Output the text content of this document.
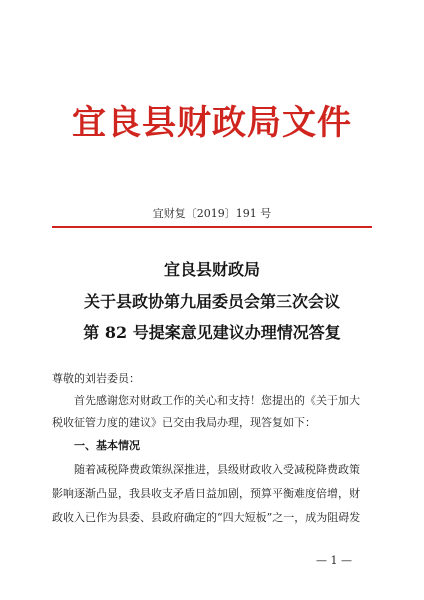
宜良县财政局文件
宜财复〔2019〕191 号
宜良县财政局
关于县政协第九届委员会第三次会议
第 82 号提案意见建议办理情况答复
尊敬的刘岩委员：
首先感谢您对财政工作的关心和支持！您提出的《关于加大
税收征管力度的建议》已交由我局办理，现答复如下：
一、基本情况
随着减税降费政策纵深推进，县级财政收入受减税降费政策
影响逐渐凸显，我县收支矛盾日益加剧，预算平衡难度倍增，财
政收入已作为县委、县政府确定的“四大短板”之一，成为阻碍发
— 1 —
